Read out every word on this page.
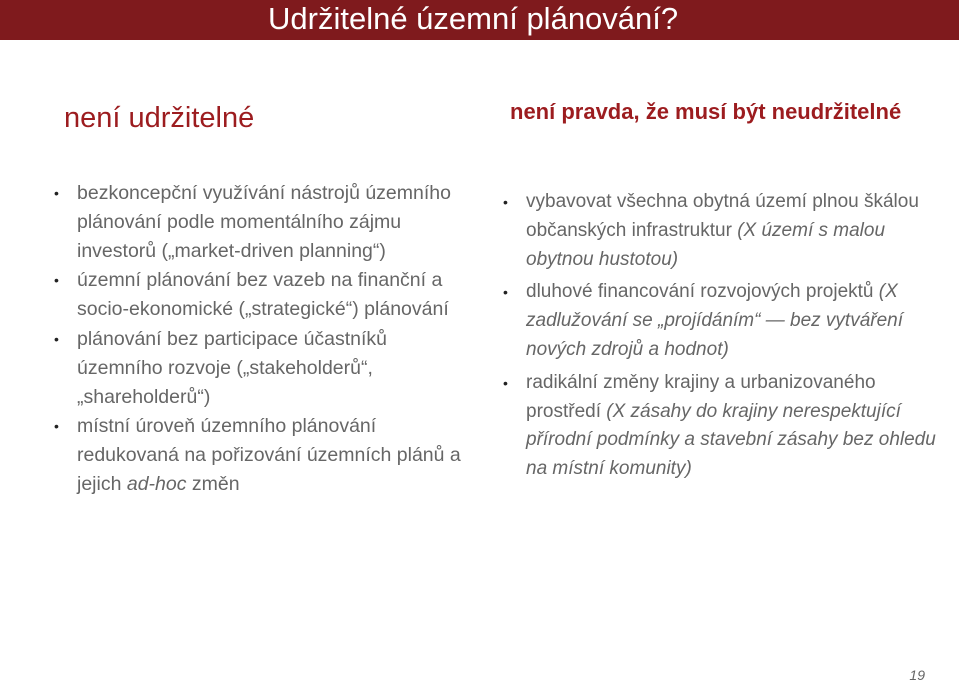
Udržitelné územní plánování?
není udržitelné
• bezkoncepční využívání nástrojů územního plánování podle momentálního zájmu investorů („market-driven planning“)
• územní plánování bez vazeb na finanční a socio-ekonomické („strategické“) plánování
• plánování bez participace účastníků územního rozvoje („stakeholderů“, „shareholderů“)
• místní úroveň územního plánování redukovaná na pořizování územních plánů a jejich ad-hoc změn
není pravda, že musí být neudržitelné
• vybavovat všechna obytná území plnou škálou občanských infrastruktur (X území s malou obytnou hustotou)
• dluhové financování rozvojových projektů (X zadlužování se „projídáním“ — bez vytváření nových zdrojů a hodnot)
• radikální změny krajiny a urbanizovaného prostředí (X zásahy do krajiny nerespektující přírodní podmínky a stavební zásahy bez ohledu na místní komunity)
19
